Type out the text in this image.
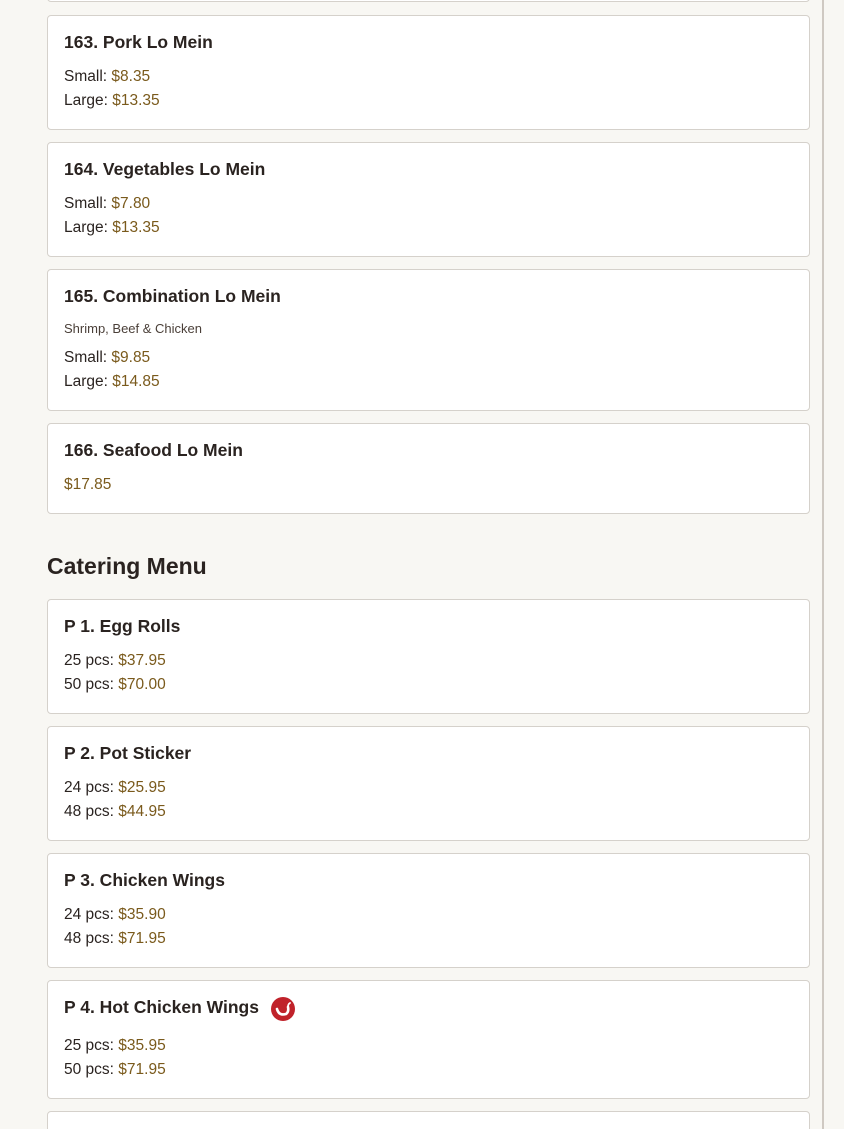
163. Pork Lo Mein
Small: $8.35
Large: $13.35
164. Vegetables Lo Mein
Small: $7.80
Large: $13.35
165. Combination Lo Mein
Shrimp, Beef & Chicken
Small: $9.85
Large: $14.85
166. Seafood Lo Mein
$17.85
Catering Menu
P 1. Egg Rolls
25 pcs: $37.95
50 pcs: $70.00
P 2. Pot Sticker
24 pcs: $25.95
48 pcs: $44.95
P 3. Chicken Wings
24 pcs: $35.90
48 pcs: $71.95
P 4. Hot Chicken Wings
25 pcs: $35.95
50 pcs: $71.95
